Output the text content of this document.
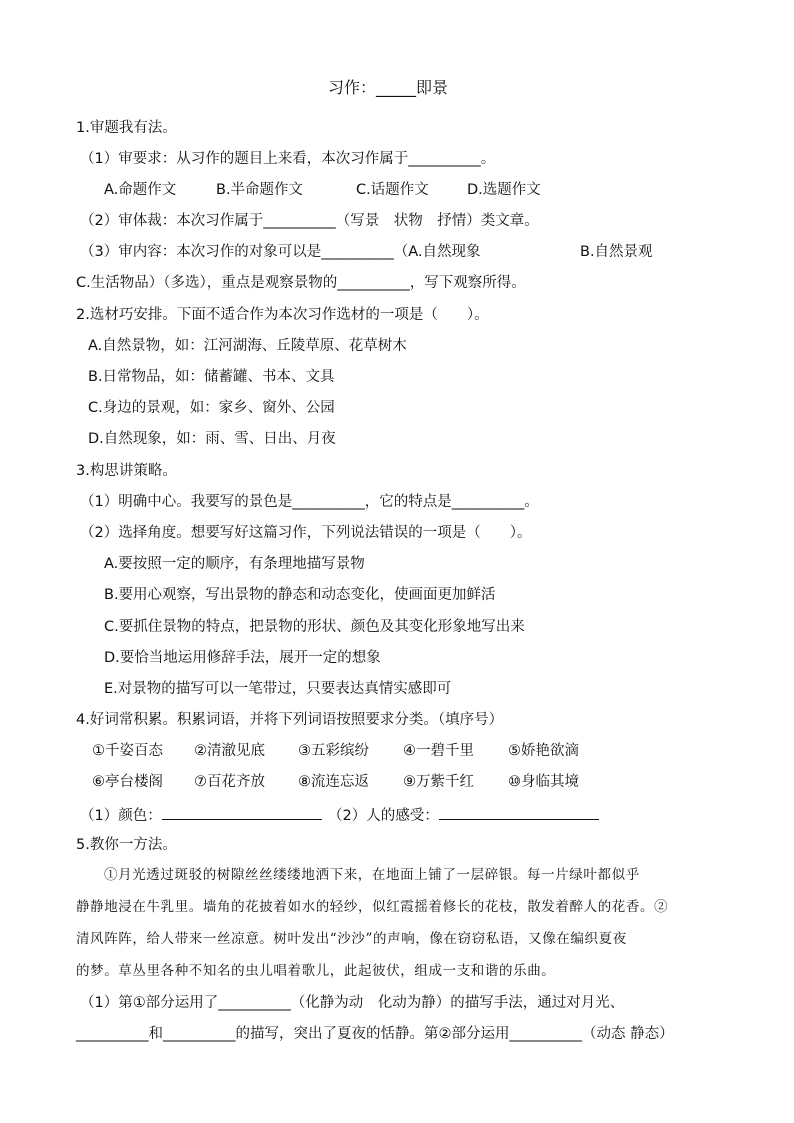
习作：_____即景
1.审题我有法。
（1）审要求：从习作的题目上来看，本次习作属于__________。
A.命题作文	B.半命题作文	C.话题作文	D.选题作文
（2）审体裁：本次习作属于__________（写景　状物　抒情）类文章。
（3）审内容：本次习作的对象可以是__________（A.自然现象	B.自然景观
C.生活物品）（多选），重点是观察景物的__________，写下观察所得。
2.选材巧安排。下面不适合作为本次习作选材的一项是（　　）。
A.自然景物，如：江河湖海、丘陵草原、花草树木
B.日常物品，如：储蓄罐、书本、文具
C.身边的景观，如：家乡、窗外、公园
D.自然现象，如：雨、雪、日出、月夜
3.构思讲策略。
（1）明确中心。我要写的景色是__________，它的特点是__________。
（2）选择角度。想要写好这篇习作，下列说法错误的一项是（　　）。
A.要按照一定的顺序，有条理地描写景物
B.要用心观察，写出景物的静态和动态变化，使画面更加鲜活
C.要抓住景物的特点，把景物的形状、颜色及其变化形象地写出来
D.要恰当地运用修辞手法，展开一定的想象
E.对景物的描写可以一笔带过，只要表达真情实感即可
4.好词常积累。积累词语，并将下列词语按照要求分类。（填序号）
①千姿百态 ②清澈见底 ③五彩缤纷 ④一碧千里 ⑤娇艳欲滴
⑥亭台楼阁 ⑦百花齐放 ⑧流连忘返 ⑨万紫千红 ⑩身临其境
（1）颜色：	（2）人的感受：
5.教你一方法。
①月光透过斑驳的树隙丝丝缕缕地洒下来，在地面上铺了一层碎银。每一片绿叶都似乎
静静地浸在牛乳里。墙角的花披着如水的轻纱，似红霞摇着修长的花枝，散发着醉人的花香。②
清风阵阵，给人带来一丝凉意。树叶发出“沙沙”的声响，像在窃窃私语，又像在编织夏夜
的梦。草丛里各种不知名的虫儿唱着歌儿，此起彼伏，组成一支和谐的乐曲。
（1）第①部分运用了__________（化静为动　化动为静）的描写手法，通过对月光、
__________和__________的描写，突出了夏夜的恬静。第②部分运用__________（动态 静态）
